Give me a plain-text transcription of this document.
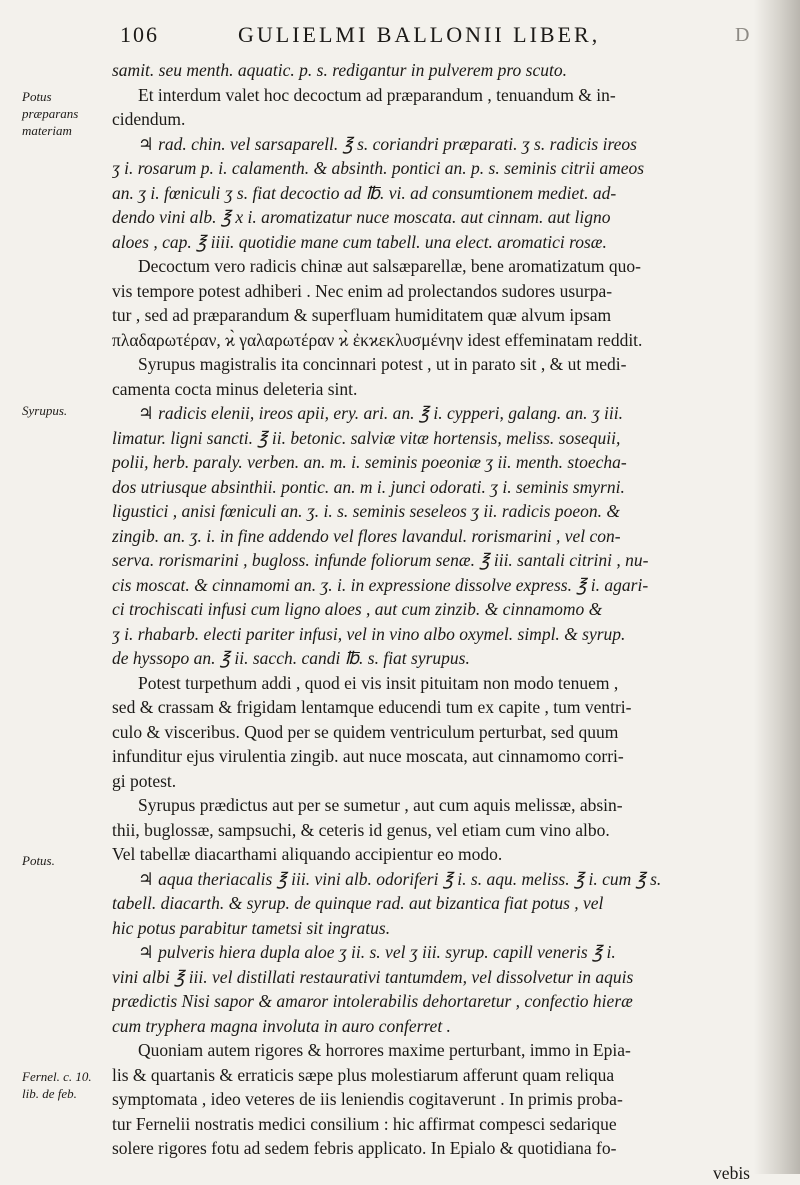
D
106	GULIELMI BALLONII LIBER,
Potus præparans materiam
Syrupus.
Potus.
Fernel. c. 10. lib. de feb.
samit. seu menth. aquatic. p. s. redigantur in pulverem pro scuto.
Et interdum valet hoc decoctum ad præparandum , tenuandum & in-
cidendum.
♃ rad. chin. vel sarsaparell. ℥ s. coriandri præparati. ʒ s. radicis ireos
ʒ i. rosarum p. i. calamenth. & absinth. pontici an. p. s. seminis citrii ameos
an. ʒ i. fœniculi ʒ s. fiat decoctio ad ℔. vi. ad consumtionem mediet. ad-
dendo vini alb. ℥ x i. aromatizatur nuce moscata. aut cinnam. aut ligno
aloes , cap. ℥ iiii. quotidie mane cum tabell. una elect. aromatici rosæ.
Decoctum vero radicis chinæ aut salsæparellæ, bene aromatizatum quo-
vis tempore potest adhiberi . Nec enim ad prolectandos sudores usurpa-
tur , sed ad præparandum & superfluam humiditatem quæ alvum ipsam
πλαδαρωτέραν, ϰ̀ γαλαρωτέραν ϰ̀ ἐκϰεκλυσμένην idest effeminatam reddit.
Syrupus magistralis ita concinnari potest , ut in parato sit , & ut medi-
camenta cocta minus deleteria sint.
♃ radicis elenii, ireos apii, ery. ari. an. ℥ i. cypperi, galang. an. ʒ iii.
limatur. ligni sancti. ℥ ii. betonic. salviæ vitæ hortensis, meliss. sosequii,
polii, herb. paraly. verben. an. m. i. seminis poeoniæ ʒ ii. menth. stoecha-
dos utriusque absinthii. pontic. an. m i. junci odorati. ʒ i. seminis smyrni.
ligustici , anisi fœniculi an. ʒ. i. s. seminis seseleos ʒ ii. radicis poeon. &
zingib. an. ʒ. i. in fine addendo vel flores lavandul. rorismarini , vel con-
serva. rorismarini , bugloss. infunde foliorum senæ. ℥ iii. santali citrini , nu-
cis moscat. & cinnamomi an. ʒ. i. in expressione dissolve express. ℥ i. agari-
ci trochiscati infusi cum ligno aloes , aut cum zinzib. & cinnamomo &
ʒ i. rhabarb. electi pariter infusi, vel in vino albo oxymel. simpl. & syrup.
de hyssopo an. ℥ ii. sacch. candi ℔. s. fiat syrupus.
Potest turpethum addi , quod ei vis insit pituitam non modo tenuem ,
sed & crassam & frigidam lentamque educendi tum ex capite , tum ventri-
culo & visceribus. Quod per se quidem ventriculum perturbat, sed quum
infunditur ejus virulentia zingib. aut nuce moscata, aut cinnamomo corri-
gi potest.
Syrupus prædictus aut per se sumetur , aut cum aquis melissæ, absin-
thii, buglossæ, sampsuchi, & ceteris id genus, vel etiam cum vino albo.
Vel tabellæ diacarthami aliquando accipientur eo modo.
♃ aqua theriacalis ℥ iii. vini alb. odoriferi ℥ i. s. aqu. meliss. ℥ i. cum ℥ s.
tabell. diacarth. & syrup. de quinque rad. aut bizantica fiat potus , vel
hic potus parabitur tametsi sit ingratus.
♃ pulveris hiera dupla aloe ʒ ii. s. vel ʒ iii. syrup. capill veneris ℥ i.
vini albi ℥ iii. vel distillati restaurativi tantumdem, vel dissolvetur in aquis
prædictis Nisi sapor & amaror intolerabilis dehortaretur , confectio hieræ
cum tryphera magna involuta in auro conferret .
Quoniam autem rigores & horrores maxime perturbant, immo in Epia-
lis & quartanis & erraticis sæpe plus molestiarum afferunt quam reliqua
symptomata , ideo veteres de iis leniendis cogitaverunt . In primis proba-
tur Fernelii nostratis medici consilium : hic affirmat compesci sedarique
solere rigores fotu ad sedem febris applicato. In Epialo & quotidiana fo-
vebis
